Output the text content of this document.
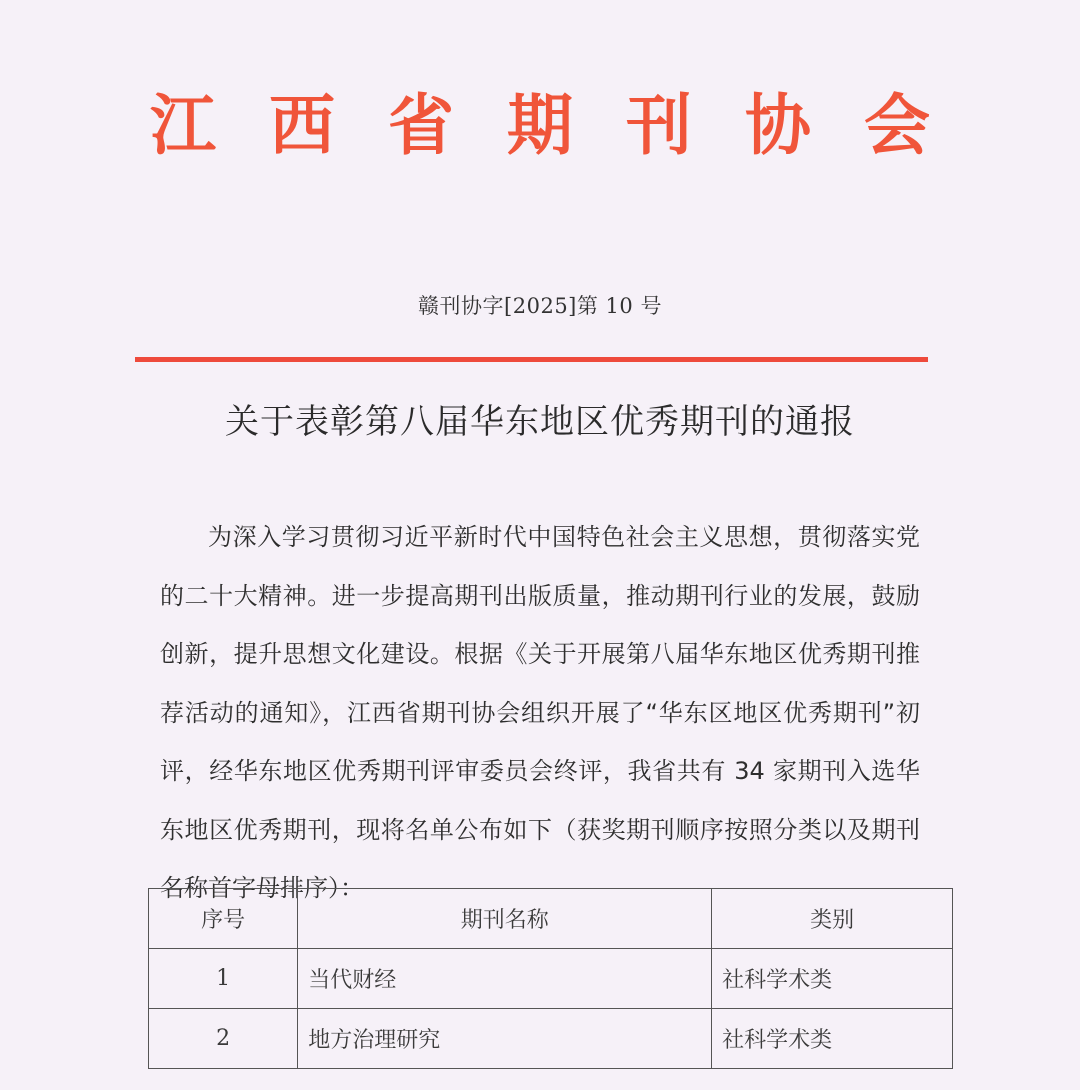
江 西 省 期 刊 协 会
赣刊协字[2025]第 10 号
关于表彰第八届华东地区优秀期刊的通报

为深入学习贯彻习近平新时代中国特色社会主义思想，贯彻落实党的二十大精神。进一步提高期刊出版质量，推动期刊行业的发展，鼓励创新，提升思想文化建设。根据《关于开展第八届华东地区优秀期刊推荐活动的通知》，江西省期刊协会组织开展了“华东区地区优秀期刊”初评，经华东地区优秀期刊评审委员会终评，我省共有 34 家期刊入选华东地区优秀期刊，现将名单公布如下（获奖期刊顺序按照分类以及期刊名称首字母排序）：

序号	期刊名称	类别
1	当代财经	社科学术类
2	地方治理研究	社科学术类
